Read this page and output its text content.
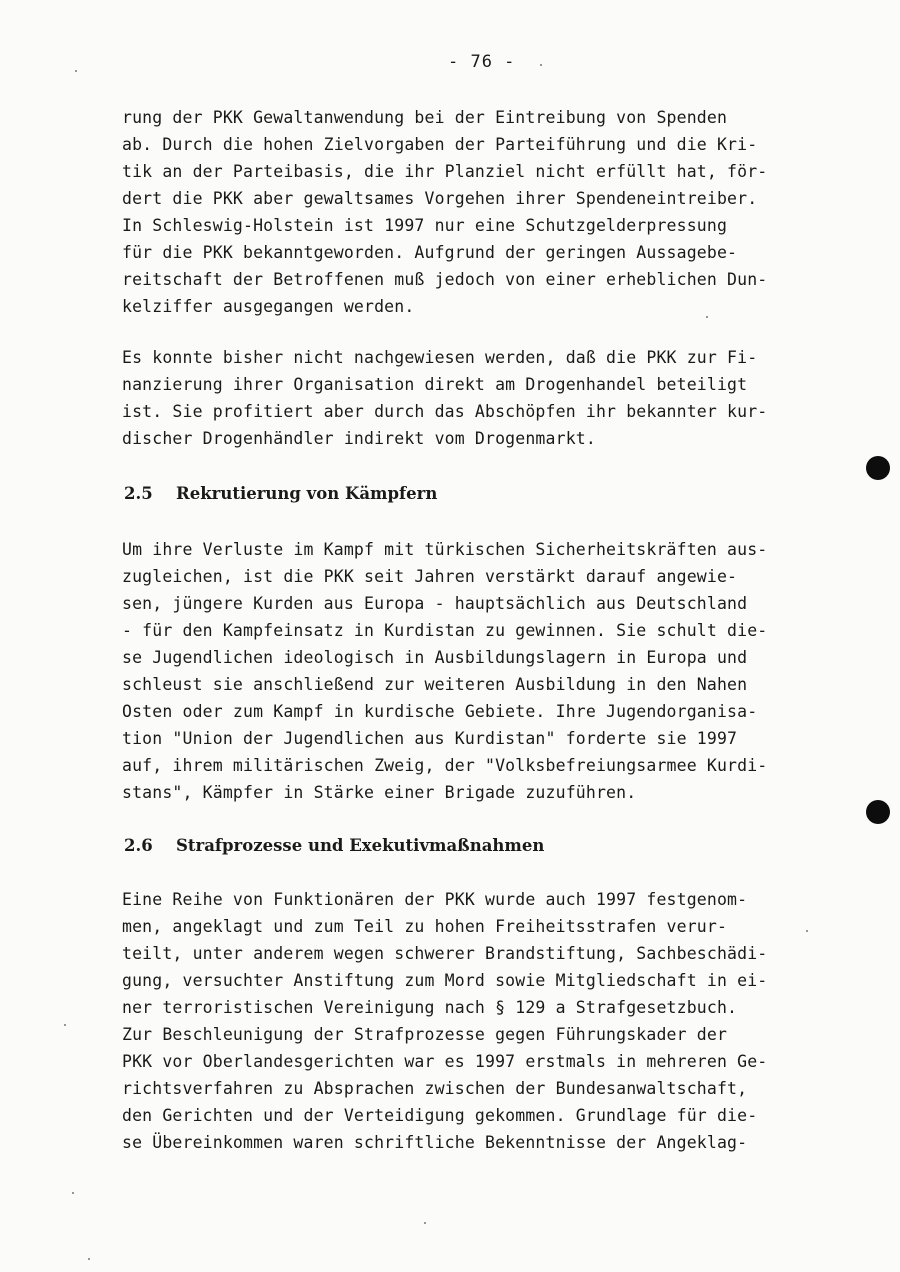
- 76 -
rung der PKK Gewaltanwendung bei der Eintreibung von Spenden
ab. Durch die hohen Zielvorgaben der Parteiführung und die Kri-
tik an der Parteibasis, die ihr Planziel nicht erfüllt hat, för-
dert die PKK aber gewaltsames Vorgehen ihrer Spendeneintreiber.
In Schleswig-Holstein ist 1997 nur eine Schutzgelderpressung
für die PKK bekanntgeworden. Aufgrund der geringen Aussagebe-
reitschaft der Betroffenen muß jedoch von einer erheblichen Dun-
kelziffer ausgegangen werden.
Es konnte bisher nicht nachgewiesen werden, daß die PKK zur Fi-
nanzierung ihrer Organisation direkt am Drogenhandel beteiligt
ist. Sie profitiert aber durch das Abschöpfen ihr bekannter kur-
discher Drogenhändler indirekt vom Drogenmarkt.
2.5 Rekrutierung von Kämpfern
Um ihre Verluste im Kampf mit türkischen Sicherheitskräften aus-
zugleichen, ist die PKK seit Jahren verstärkt darauf angewie-
sen, jüngere Kurden aus Europa - hauptsächlich aus Deutschland
- für den Kampfeinsatz in Kurdistan zu gewinnen. Sie schult die-
se Jugendlichen ideologisch in Ausbildungslagern in Europa und
schleust sie anschließend zur weiteren Ausbildung in den Nahen
Osten oder zum Kampf in kurdische Gebiete. Ihre Jugendorganisa-
tion "Union der Jugendlichen aus Kurdistan" forderte sie 1997
auf, ihrem militärischen Zweig, der "Volksbefreiungsarmee Kurdi-
stans", Kämpfer in Stärke einer Brigade zuzuführen.
2.6 Strafprozesse und Exekutivmaßnahmen
Eine Reihe von Funktionären der PKK wurde auch 1997 festgenom-
men, angeklagt und zum Teil zu hohen Freiheitsstrafen verur-
teilt, unter anderem wegen schwerer Brandstiftung, Sachbeschädi-
gung, versuchter Anstiftung zum Mord sowie Mitgliedschaft in ei-
ner terroristischen Vereinigung nach § 129 a Strafgesetzbuch.
Zur Beschleunigung der Strafprozesse gegen Führungskader der
PKK vor Oberlandesgerichten war es 1997 erstmals in mehreren Ge-
richtsverfahren zu Absprachen zwischen der Bundesanwaltschaft,
den Gerichten und der Verteidigung gekommen. Grundlage für die-
se Übereinkommen waren schriftliche Bekenntnisse der Angeklag-
